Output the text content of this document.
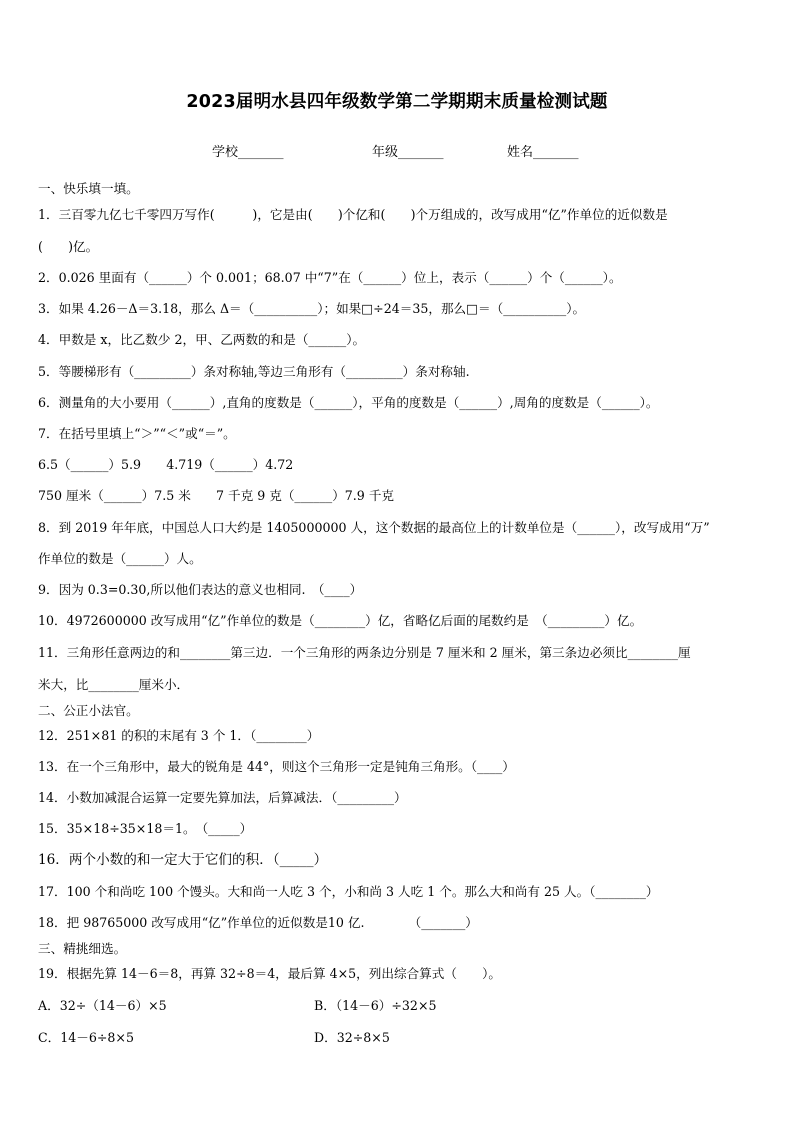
2023届明水县四年级数学第二学期期末质量检测试题
学校_______	年级_______	姓名_______
一、快乐填一填。
1．三百零九亿七千零四万写作(　　　)，它是由(　　)个亿和(　　)个万组成的，改写成用“亿”作单位的近似数是
(　　)亿。
2．0.026 里面有（______）个 0.001；68.07 中“7”在（______）位上，表示（______）个（______）。
3．如果 4.26－Δ＝3.18，那么 Δ＝（__________）；如果□÷24＝35，那么□＝（__________）。
4．甲数是 x，比乙数少 2，甲、乙两数的和是（______）。
5．等腰梯形有（_________）条对称轴,等边三角形有（_________）条对称轴.
6．测量角的大小要用（______）,直角的度数是（______），平角的度数是（______）,周角的度数是（______）。
7．在括号里填上“＞”“＜”或“＝”。
6.5（______）5.9　　4.719（______）4.72
750 厘米（______）7.5 米　　7 千克 9 克（______）7.9 千克
8．到 2019 年年底，中国总人口大约是 1405000000 人，这个数据的最高位上的计数单位是（______），改写成用“万”
作单位的数是（______）人。
9．因为 0.3=0.30,所以他们表达的意义也相同.　（____）
10．4972600000 改写成用“亿”作单位的数是（________）亿，省略亿后面的尾数约是　（_________）亿。
11．三角形任意两边的和________第三边．一个三角形的两条边分别是 7 厘米和 2 厘米，第三条边必须比________厘
米大，比________厘米小．
二、公正小法官。
12．251×81 的积的末尾有 3 个 1．（________）
13．在一个三角形中，最大的锐角是 44°，则这个三角形一定是钝角三角形。（____）
14．小数加减混合运算一定要先算加法，后算减法．（_________）
15．35×18÷35×18＝1。　（_____）
16．两个小数的和一定大于它们的积．（_____）
17．100 个和尚吃 100 个馒头。大和尚一人吃 3 个，小和尚 3 人吃 1 个。那么大和尚有 25 人。（________）
18．把 98765000 改写成用“亿”作单位的近似数是10 亿.　　　　（_______）
三、精挑细选。
19．根据先算 14－6＝8，再算 32÷8＝4，最后算 4×5，列出综合算式（　　）。
A．32÷（14－6）×5	B．（14－6）÷32×5
C．14－6÷8×5	D．32÷8×5
